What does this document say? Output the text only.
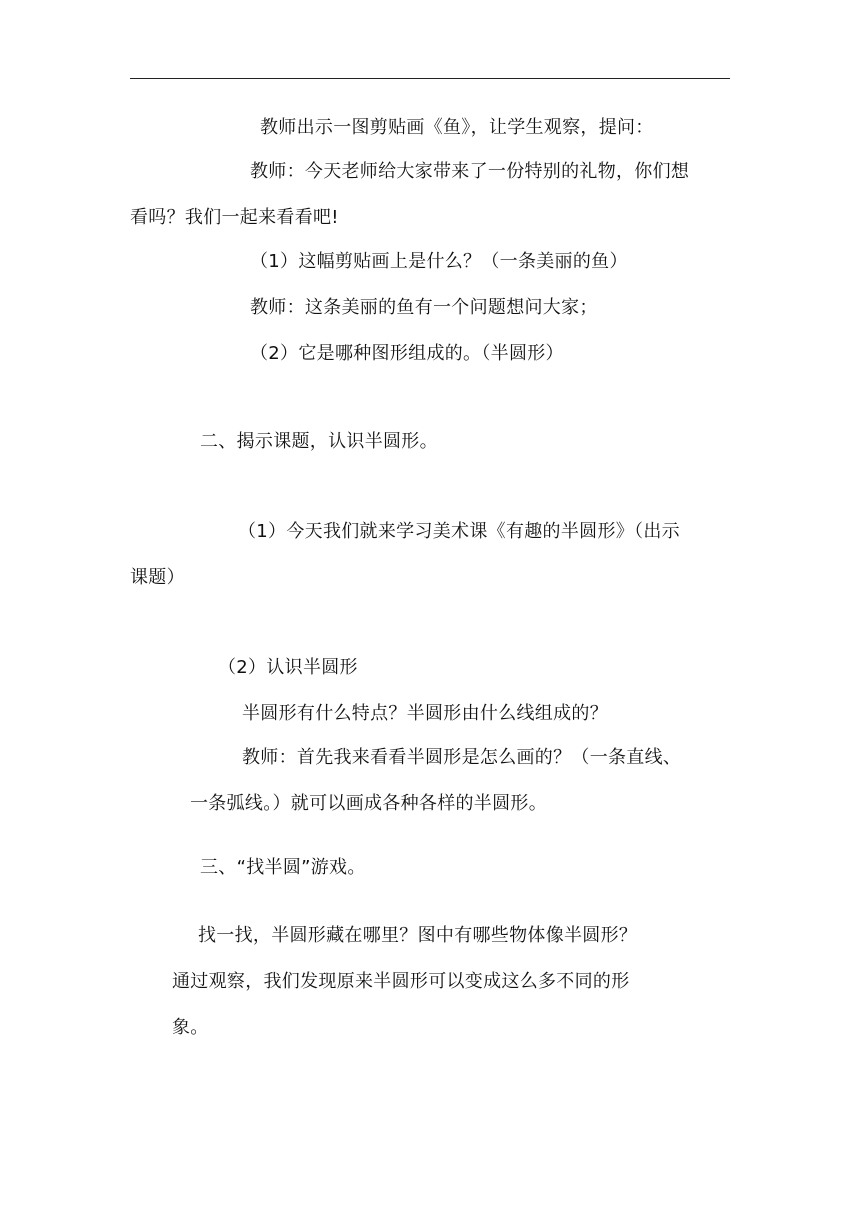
教师出示一图剪贴画《鱼》，让学生观察，提问：
教师：今天老师给大家带来了一份特别的礼物，你们想
看吗？我们一起来看看吧!
（1）这幅剪贴画上是什么？（一条美丽的鱼）
教师：这条美丽的鱼有一个问题想问大家；
（2）它是哪种图形组成的。（半圆形）
二、揭示课题，认识半圆形。
（1）今天我们就来学习美术课《有趣的半圆形》（出示
课题）
（2）认识半圆形
半圆形有什么特点？半圆形由什么线组成的？
教师：首先我来看看半圆形是怎么画的？（一条直线、
一条弧线。）就可以画成各种各样的半圆形。
三、“找半圆”游戏。
找一找，半圆形藏在哪里？图中有哪些物体像半圆形？
通过观察，我们发现原来半圆形可以变成这么多不同的形
象。
